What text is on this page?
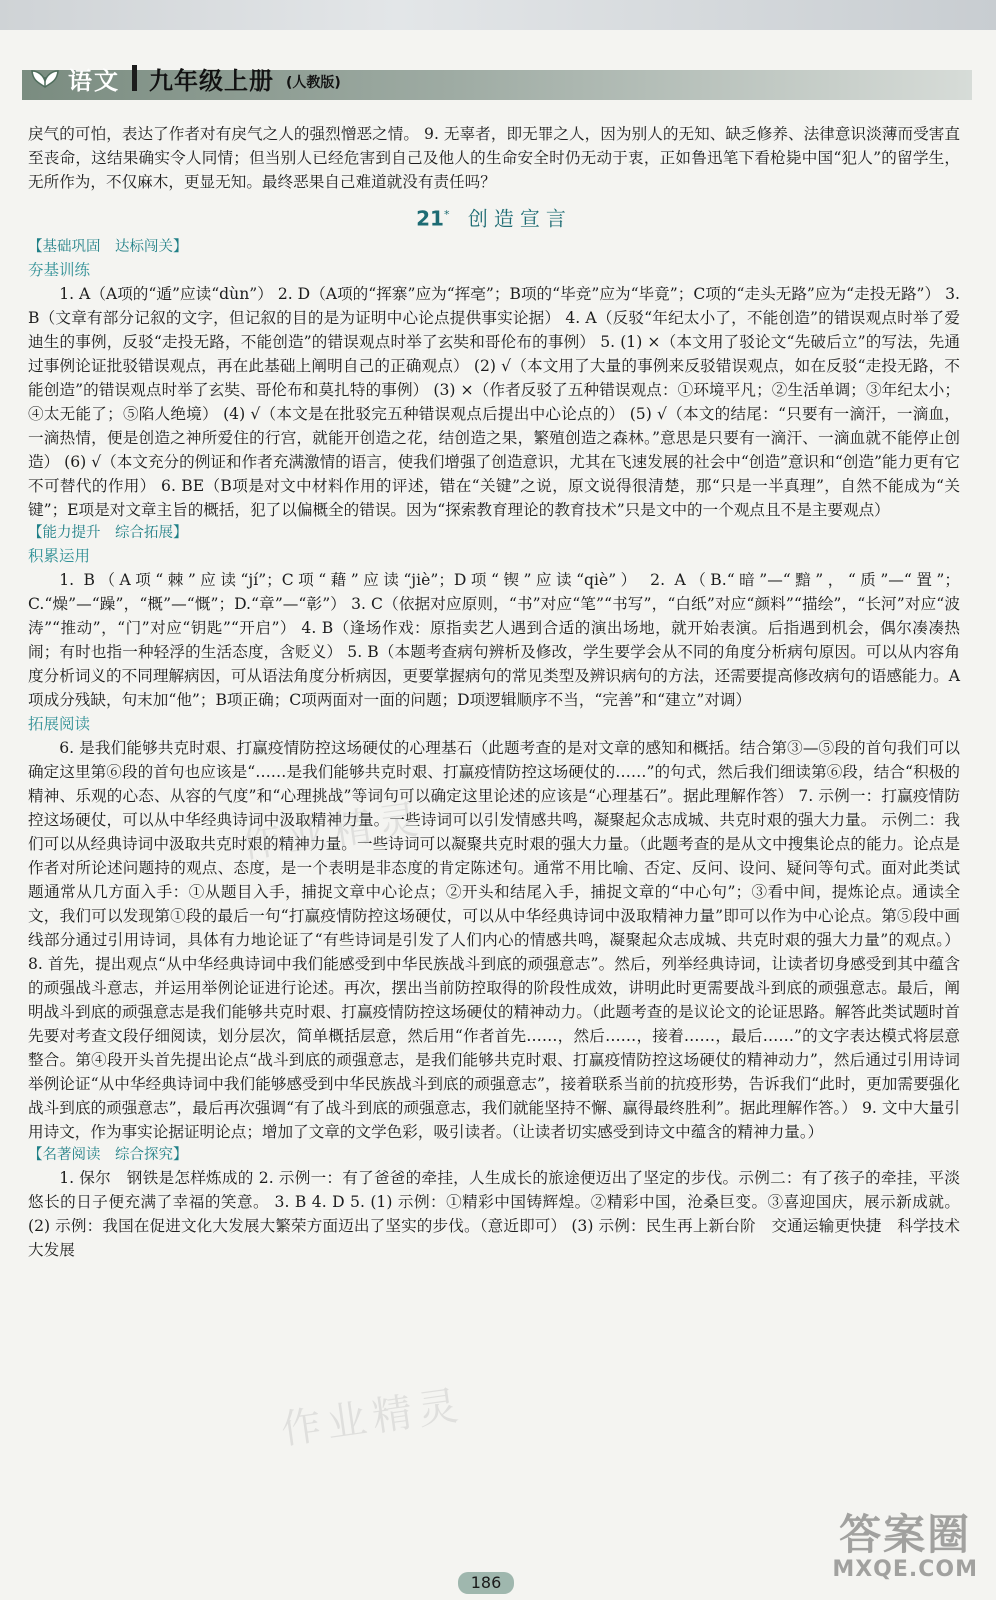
语文 九年级上册 (人教版)

戾气的可怕，表达了作者对有戾气之人的强烈憎恶之情。 9. 无辜者，即无罪之人，因为别人的无知、缺乏修养、法律意识淡薄而受害直至丧命，这结果确实令人同情；但当别人已经危害到自己及他人的生命安全时仍无动于衷，正如鲁迅笔下看枪毙中国“犯人”的留学生，无所作为，不仅麻木，更显无知。最终恶果自己难道就没有责任吗？

21* 创造宣言

【基础巩固　达标闯关】

夯基训练

1. A（A项的“遁”应读“dùn”） 2. D（A项的“挥寨”应为“挥亳”；B项的“毕竞”应为“毕竟”；C项的“走头无路”应为“走投无路”） 3. B（文章有部分记叙的文字，但记叙的目的是为证明中心论点提供事实论据） 4. A（反驳“年纪太小了，不能创造”的错误观点时举了爱迪生的事例，反驳“走投无路，不能创造”的错误观点时举了玄奘和哥伦布的事例） 5. (1) ×（本文用了驳论文“先破后立”的写法，先通过事例论证批驳错误观点，再在此基础上阐明自己的正确观点） (2) √（本文用了大量的事例来反驳错误观点，如在反驳“走投无路，不能创造”的错误观点时举了玄奘、哥伦布和莫扎特的事例） (3) ×（作者反驳了五种错误观点：①环境平凡；②生活单调；③年纪太小；④太无能了；⑤陷人绝境） (4) √（本文是在批驳完五种错误观点后提出中心论点的） (5) √（本文的结尾：“只要有一滴汗，一滴血，一滴热情，便是创造之神所爱住的行宫，就能开创造之花，结创造之果，繁殖创造之森林。”意思是只要有一滴汗、一滴血就不能停止创造） (6) √（本文充分的例证和作者充满激情的语言，使我们增强了创造意识，尤其在飞速发展的社会中“创造”意识和“创造”能力更有它不可替代的作用） 6. BE（B项是对文中材料作用的评述，错在“关键”之说，原文说得很清楚，那“只是一半真理”，自然不能成为“关键”；E项是对文章主旨的概括，犯了以偏概全的错误。因为“探索教育理论的教育技术”只是文中的一个观点且不是主要观点）

【能力提升　综合拓展】

积累运用

1. B（A项“棘”应读“jí”；C项“藉”应读“jiè”；D项“锲”应读“qiè”） 2. A（B.“暗”—“黯”，“质”—“置”；C.“燥”—“躁”，“概”—“慨”；D.“章”—“彰”） 3. C（依据对应原则，“书”对应“笔”“书写”，“白纸”对应“颜料”“描绘”，“长河”对应“波涛”“推动”，“门”对应“钥匙”“开启”） 4. B（逢场作戏：原指卖艺人遇到合适的演出场地，就开始表演。后指遇到机会，偶尔凑凑热闹；有时也指一种轻浮的生活态度，含贬义） 5. B（本题考查病句辨析及修改，学生要学会从不同的角度分析病句原因。可以从内容角度分析词义的不同理解病因，可从语法角度分析病因，更要掌握病句的常见类型及辨识病句的方法，还需要提高修改病句的语感能力。A项成分残缺，句末加“他”；B项正确；C项两面对一面的问题；D项逻辑顺序不当，“完善”和“建立”对调）

拓展阅读

6. 是我们能够共克时艰、打赢疫情防控这场硬仗的心理基石（此题考查的是对文章的感知和概括。结合第③—⑤段的首句我们可以确定这里第⑥段的首句也应该是“……是我们能够共克时艰、打赢疫情防控这场硬仗的……”的句式，然后我们细读第⑥段，结合“积极的精神、乐观的心态、从容的气度”和“心理挑战”等词句可以确定这里论述的应该是“心理基石”。据此理解作答） 7. 示例一：打赢疫情防控这场硬仗，可以从中华经典诗词中汲取精神力量。一些诗词可以引发情感共鸣，凝聚起众志成城、共克时艰的强大力量。 示例二：我们可以从经典诗词中汲取共克时艰的精神力量。一些诗词可以凝聚共克时艰的强大力量。（此题考查的是从文中搜集论点的能力。论点是作者对所论述问题持的观点、态度，是一个表明是非态度的肯定陈述句。通常不用比喻、否定、反问、设问、疑问等句式。面对此类试题通常从几方面入手：①从题目入手，捕捉文章中心论点；②开头和结尾入手，捕捉文章的“中心句”；③看中间，提炼论点。通读全文，我们可以发现第①段的最后一句“打赢疫情防控这场硬仗，可以从中华经典诗词中汲取精神力量”即可以作为中心论点。第⑤段中画线部分通过引用诗词，具体有力地论证了“有些诗词是引发了人们内心的情感共鸣，凝聚起众志成城、共克时艰的强大力量”的观点。） 8. 首先，提出观点“从中华经典诗词中我们能感受到中华民族战斗到底的顽强意志”。然后，列举经典诗词，让读者切身感受到其中蕴含的顽强战斗意志，并运用举例论证进行论述。再次，摆出当前防控取得的阶段性成效，讲明此时更需要战斗到底的顽强意志。最后，阐明战斗到底的顽强意志是我们能够共克时艰、打赢疫情防控这场硬仗的精神动力。（此题考查的是议论文的论证思路。解答此类试题时首先要对考查文段仔细阅读，划分层次，简单概括层意，然后用“作者首先……，然后……，接着……，最后……”的文字表达模式将层意整合。第④段开头首先提出论点“战斗到底的顽强意志，是我们能够共克时艰、打赢疫情防控这场硬仗的精神动力”，然后通过引用诗词举例论证“从中华经典诗词中我们能够感受到中华民族战斗到底的顽强意志”，接着联系当前的抗疫形势，告诉我们“此时，更加需要强化战斗到底的顽强意志”，最后再次强调“有了战斗到底的顽强意志，我们就能坚持不懈、赢得最终胜利”。据此理解作答。） 9. 文中大量引用诗文，作为事实论据证明论点；增加了文章的文学色彩，吸引读者。（让读者切实感受到诗文中蕴含的精神力量。）

【名著阅读　综合探究】

1. 保尔　钢铁是怎样炼成的 2. 示例一：有了爸爸的牵挂，人生成长的旅途便迈出了坚定的步伐。示例二：有了孩子的牵挂，平淡悠长的日子便充满了幸福的笑意。 3. B 4. D 5. (1) 示例：①精彩中国铸辉煌。②精彩中国，沧桑巨变。③喜迎国庆，展示新成就。 (2) 示例：我国在促进文化大发展大繁荣方面迈出了坚实的步伐。（意近即可） (3) 示例：民生再上新台阶　交通运输更快捷　科学技术大发展

作业精灵
作业精灵
186
答案圈
MXQE.COM
